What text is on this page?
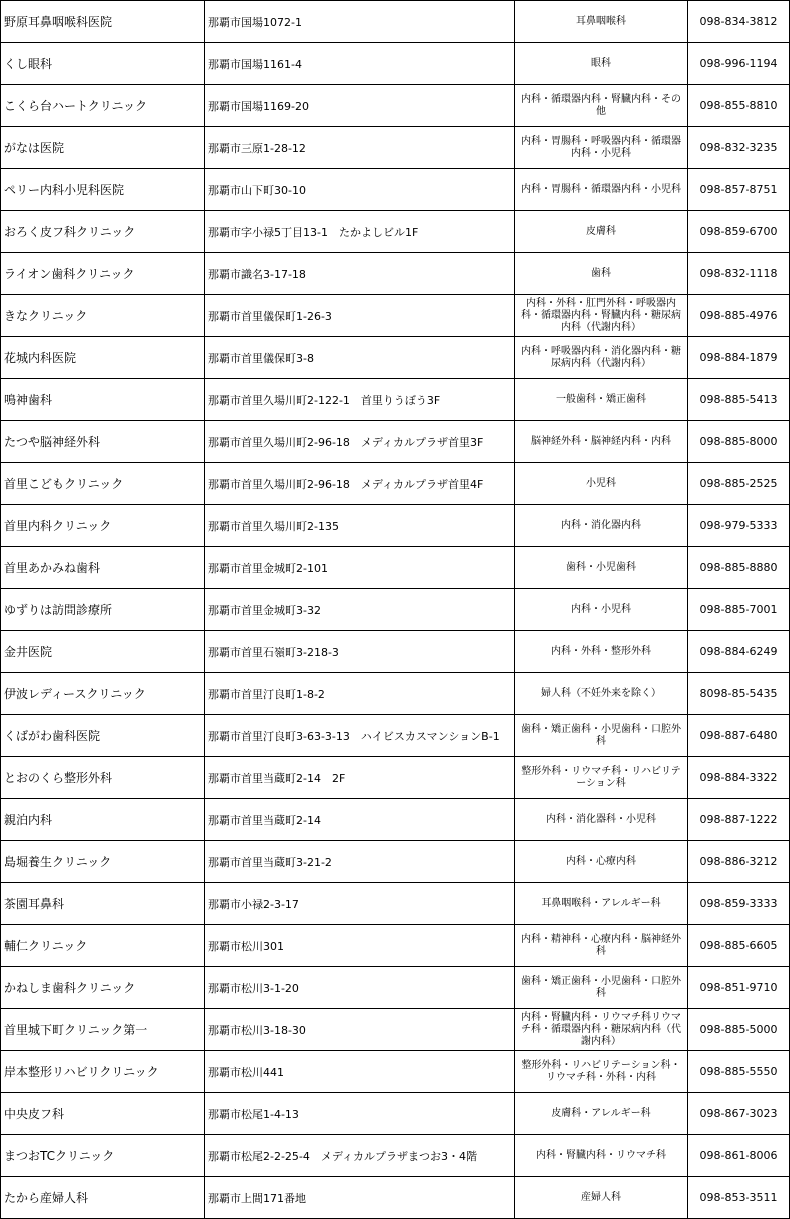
野原耳鼻咽喉科医院	那覇市国場1072-1	耳鼻咽喉科	098-834-3812
くし眼科	那覇市国場1161-4	眼科	098-996-1194
こくら台ハートクリニック	那覇市国場1169-20	内科・循環器内科・腎臓内科・その他	098-855-8810
がなは医院	那覇市三原1-28-12	内科・胃腸科・呼吸器内科・循環器内科・小児科	098-832-3235
ペリー内科小児科医院	那覇市山下町30-10	内科・胃腸科・循環器内科・小児科	098-857-8751
おろく皮フ科クリニック	那覇市字小禄5丁目13-1　たかよしビル1F	皮膚科	098-859-6700
ライオン歯科クリニック	那覇市識名3-17-18	歯科	098-832-1118
きなクリニック	那覇市首里儀保町1-26-3	内科・外科・肛門外科・呼吸器内科・循環器内科・腎臓内科・糖尿病内科（代謝内科）	098-885-4976
花城内科医院	那覇市首里儀保町3-8	内科・呼吸器内科・消化器内科・糖尿病内科（代謝内科）	098-884-1879
鳴神歯科	那覇市首里久場川町2-122-1　首里りうぼう3F	一般歯科・矯正歯科	098-885-5413
たつや脳神経外科	那覇市首里久場川町2-96-18　メディカルプラザ首里3F	脳神経外科・脳神経内科・内科	098-885-8000
首里こどもクリニック	那覇市首里久場川町2-96-18　メディカルプラザ首里4F	小児科	098-885-2525
首里内科クリニック	那覇市首里久場川町2-135	内科・消化器内科	098-979-5333
首里あかみね歯科	那覇市首里金城町2-101	歯科・小児歯科	098-885-8880
ゆずりは訪問診療所	那覇市首里金城町3-32	内科・小児科	098-885-7001
金井医院	那覇市首里石嶺町3-218-3	内科・外科・整形外科	098-884-6249
伊波レディースクリニック	那覇市首里汀良町1-8-2	婦人科（不妊外来を除く）	8098-85-5435
くばがわ歯科医院	那覇市首里汀良町3-63-3-13　ハイビスカスマンションB-1	歯科・矯正歯科・小児歯科・口腔外科	098-887-6480
とおのくら整形外科	那覇市首里当蔵町2-14　2F	整形外科・リウマチ科・リハビリテーション科	098-884-3322
親泊内科	那覇市首里当蔵町2-14	内科・消化器科・小児科	098-887-1222
島堀養生クリニック	那覇市首里当蔵町3-21-2	内科・心療内科	098-886-3212
茶園耳鼻科	那覇市小禄2-3-17	耳鼻咽喉科・アレルギー科	098-859-3333
輔仁クリニック	那覇市松川301	内科・精神科・心療内科・脳神経外科	098-885-6605
かねしま歯科クリニック	那覇市松川3-1-20	歯科・矯正歯科・小児歯科・口腔外科	098-851-9710
首里城下町クリニック第一	那覇市松川3-18-30	内科・腎臓内科・リウマチ科リウマチ科・循環器内科・糖尿病内科（代謝内科）	098-885-5000
岸本整形リハビリクリニック	那覇市松川441	整形外科・リハビリテーション科・リウマチ科・外科・内科	098-885-5550
中央皮フ科	那覇市松尾1-4-13	皮膚科・アレルギー科	098-867-3023
まつおTCクリニック	那覇市松尾2-2-25-4　メディカルプラザまつお3・4階	内科・腎臓内科・リウマチ科	098-861-8006
たから産婦人科	那覇市上間171番地	産婦人科	098-853-3511
